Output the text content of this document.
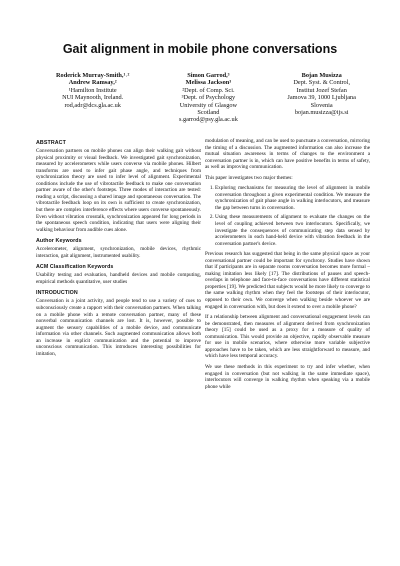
Gait alignment in mobile phone conversations
Roderick Murray-Smith,¹˒²
Andrew Ramsay,²
¹Hamilton Institute
NUI Maynooth, Ireland.
rod,adr@dcs.gla.ac.uk
Simon Garrod,³
Melissa Jackson³
²Dept. of Comp. Sci.
³Dept. of Psychology
University of Glasgow
Scotland
s.garrod@psy.gla.ac.uk
Bojan Musizza
Dept. Syst. & Control,
Institut Jozef Stefan
Jamova 39, 1000 Ljubljana
Slovenia
bojan.musizza@ijs.si
ABSTRACT

Conversation partners on mobile phones can align their walking gait without physical proximity or visual feedback. We investigated gait synchronization, measured by accelerometers while users converse via mobile phones. Hilbert transforms are used to infer gait phase angle, and techniques from synchronization theory are used to infer level of alignment. Experimental conditions include the use of vibrotactile feedback to make one conversation partner aware of the other's footsteps. Three modes of interaction are tested: reading a script, discussing a shared image and spontaneous conversation. The vibrotactile feedback loop on its own is sufficient to create synchronization, but there are complex interference effects where users converse spontaneously. Even without vibration crosstalk, synchronization appeared for long periods in the spontaneous speech condition, indicating that users were aligning their walking behaviour from audible cues alone.

Author Keywords

Accelerometer, alignment, synchronization, mobile devices, rhythmic interaction, gait alignment, instrumented usability.

ACM Classification Keywords

Usability testing and evaluation, handheld devices and mobile computing, empirical methods quantitative, user studies

INTRODUCTION

Conversation is a joint activity, and people tend to use a variety of cues to subconsciously create a rapport with their conversation partners. When talking on a mobile phone with a remote conversation partner, many of these nonverbal communication channels are lost. It is, however, possible to augment the sensory capabilities of a mobile device, and communicate information via other channels. Such augmented communication allows both an increase in explicit communication and the potential to improve unconscious communication. This introduces interesting possibilities for imitation,

modulation of meaning, and can be used to punctuate a conversation, mirroring the timing of a discussion. The augmented information can also increase the mutual situation awareness in terms of changes to the environment a conversation partner is in, which can have positive benefits in terms of safety, as well as improving communication.

This paper investigates two major themes:

1. Exploring mechanisms for measuring the level of alignment in mobile conversation throughout a given experimental condition. We measure the synchronization of gait phase angle in walking interlocutors, and measure the gap between turns in conversation.
2. Using these measurements of alignment to evaluate the changes on the level of coupling achieved between two interlocutors. Specifically, we investigate the consequences of communicating step data sensed by accelerometers in each hand-held device with vibration feedback in the conversation partner's device.

Previous research has suggested that being in the same physical space as your conversational partner could be important for synchrony. Studies have shown that if participants are in separate rooms conversation becomes more formal – making imitation less likely [17]. The distributions of pauses and speech-overlaps in telephone and face-to-face conversations have different statistical properties [19]. We predicted that subjects would be more likely to converge to the same walking rhythm when they feel the footsteps of their interlocutor, opposed to their own. We converge when walking beside whoever we are engaged in conversation with, but does it extend to over a mobile phone?

If a relationship between alignment and conversational engagement levels can be demonstrated, then measures of alignment derived from synchronization theory [15] could be used as a proxy for a measure of quality of communication. This would provide an objective, rapidly observable measure for use in mobile scenarios, where otherwise more variable subjective approaches have to be taken, which are less straightforward to measure, and which have less temporal accuracy.

We use these methods in this experiment to try and infer whether, when engaged in conversation (but not walking in the same immediate space), interlocutors will converge in walking rhythm when speaking via a mobile phone while
